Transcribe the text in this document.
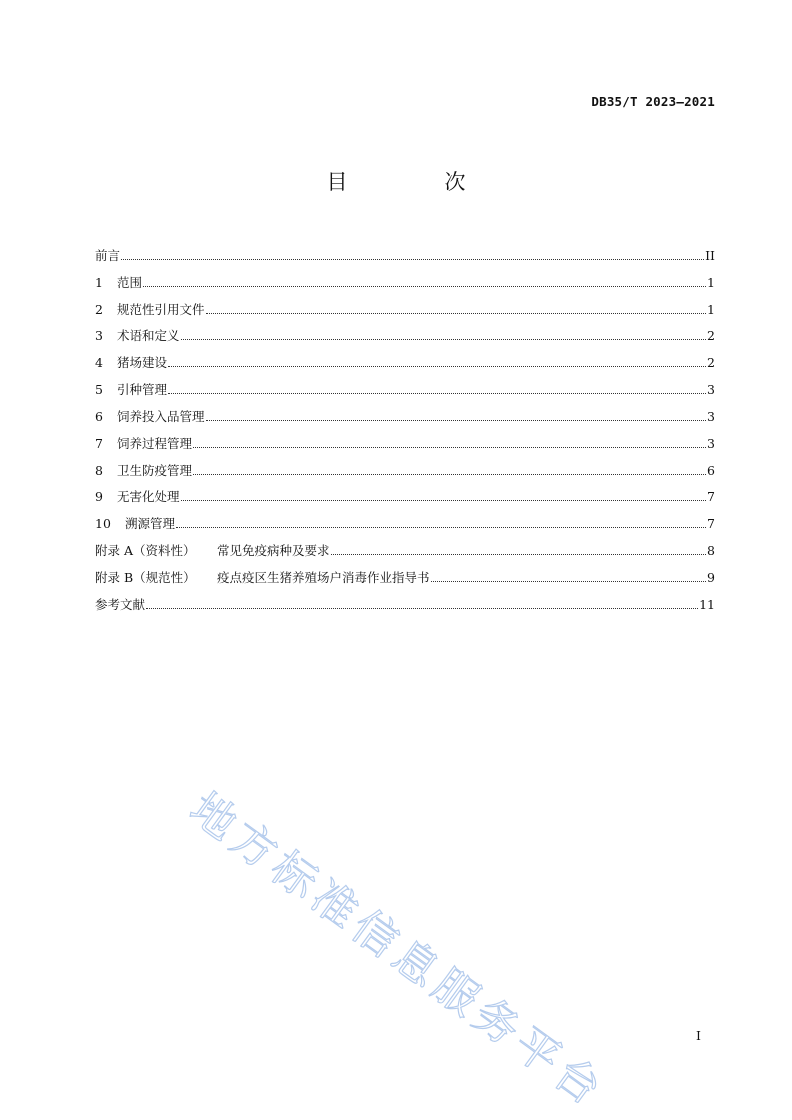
DB35/T 2023—2021
目　次
前言	II
1	范围	1
2	规范性引用文件	1
3	术语和定义	2
4	猪场建设	2
5	引种管理	3
6	饲养投入品管理	3
7	饲养过程管理	3
8	卫生防疫管理	6
9	无害化处理	7
10	溯源管理	7
附录 A（资料性）	常见免疫病种及要求	8
附录 B（规范性）	疫点疫区生猪养殖场户消毒作业指导书	9
参考文献	11
地方标准信息服务平台	I
